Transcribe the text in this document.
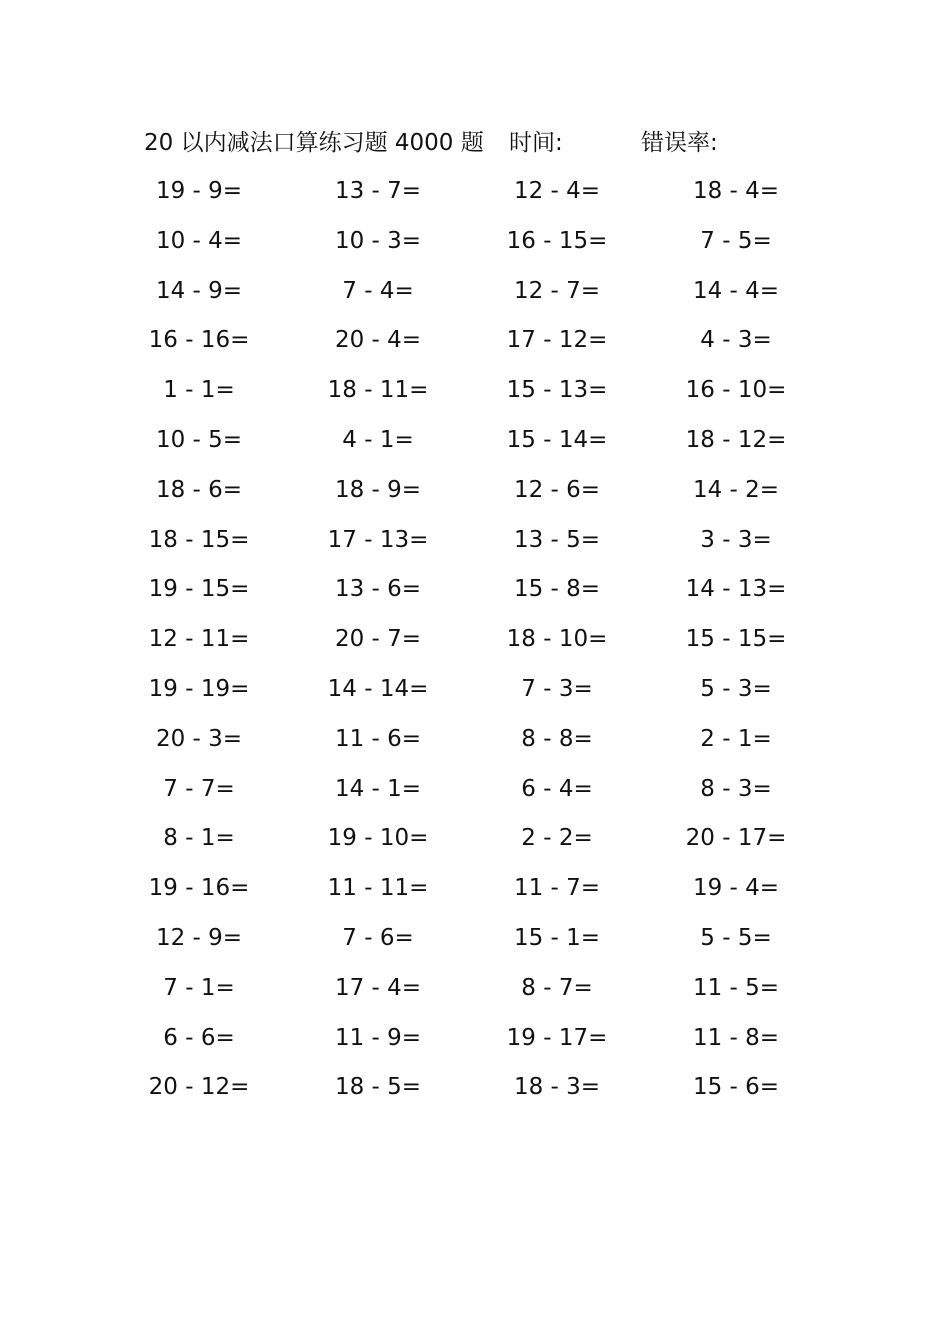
20 以内减法口算练习题 4000 题 时间:	错误率:
19 - 9=	13 - 7=	12 - 4=	18 - 4=
10 - 4=	10 - 3=	16 - 15=	7 - 5=
14 - 9=	7 - 4=	12 - 7=	14 - 4=
16 - 16=	20 - 4=	17 - 12=	4 - 3=
1 - 1=	18 - 11=	15 - 13=	16 - 10=
10 - 5=	4 - 1=	15 - 14=	18 - 12=
18 - 6=	18 - 9=	12 - 6=	14 - 2=
18 - 15=	17 - 13=	13 - 5=	3 - 3=
19 - 15=	13 - 6=	15 - 8=	14 - 13=
12 - 11=	20 - 7=	18 - 10=	15 - 15=
19 - 19=	14 - 14=	7 - 3=	5 - 3=
20 - 3=	11 - 6=	8 - 8=	2 - 1=
7 - 7=	14 - 1=	6 - 4=	8 - 3=
8 - 1=	19 - 10=	2 - 2=	20 - 17=
19 - 16=	11 - 11=	11 - 7=	19 - 4=
12 - 9=	7 - 6=	15 - 1=	5 - 5=
7 - 1=	17 - 4=	8 - 7=	11 - 5=
6 - 6=	11 - 9=	19 - 17=	11 - 8=
20 - 12=	18 - 5=	18 - 3=	15 - 6=
